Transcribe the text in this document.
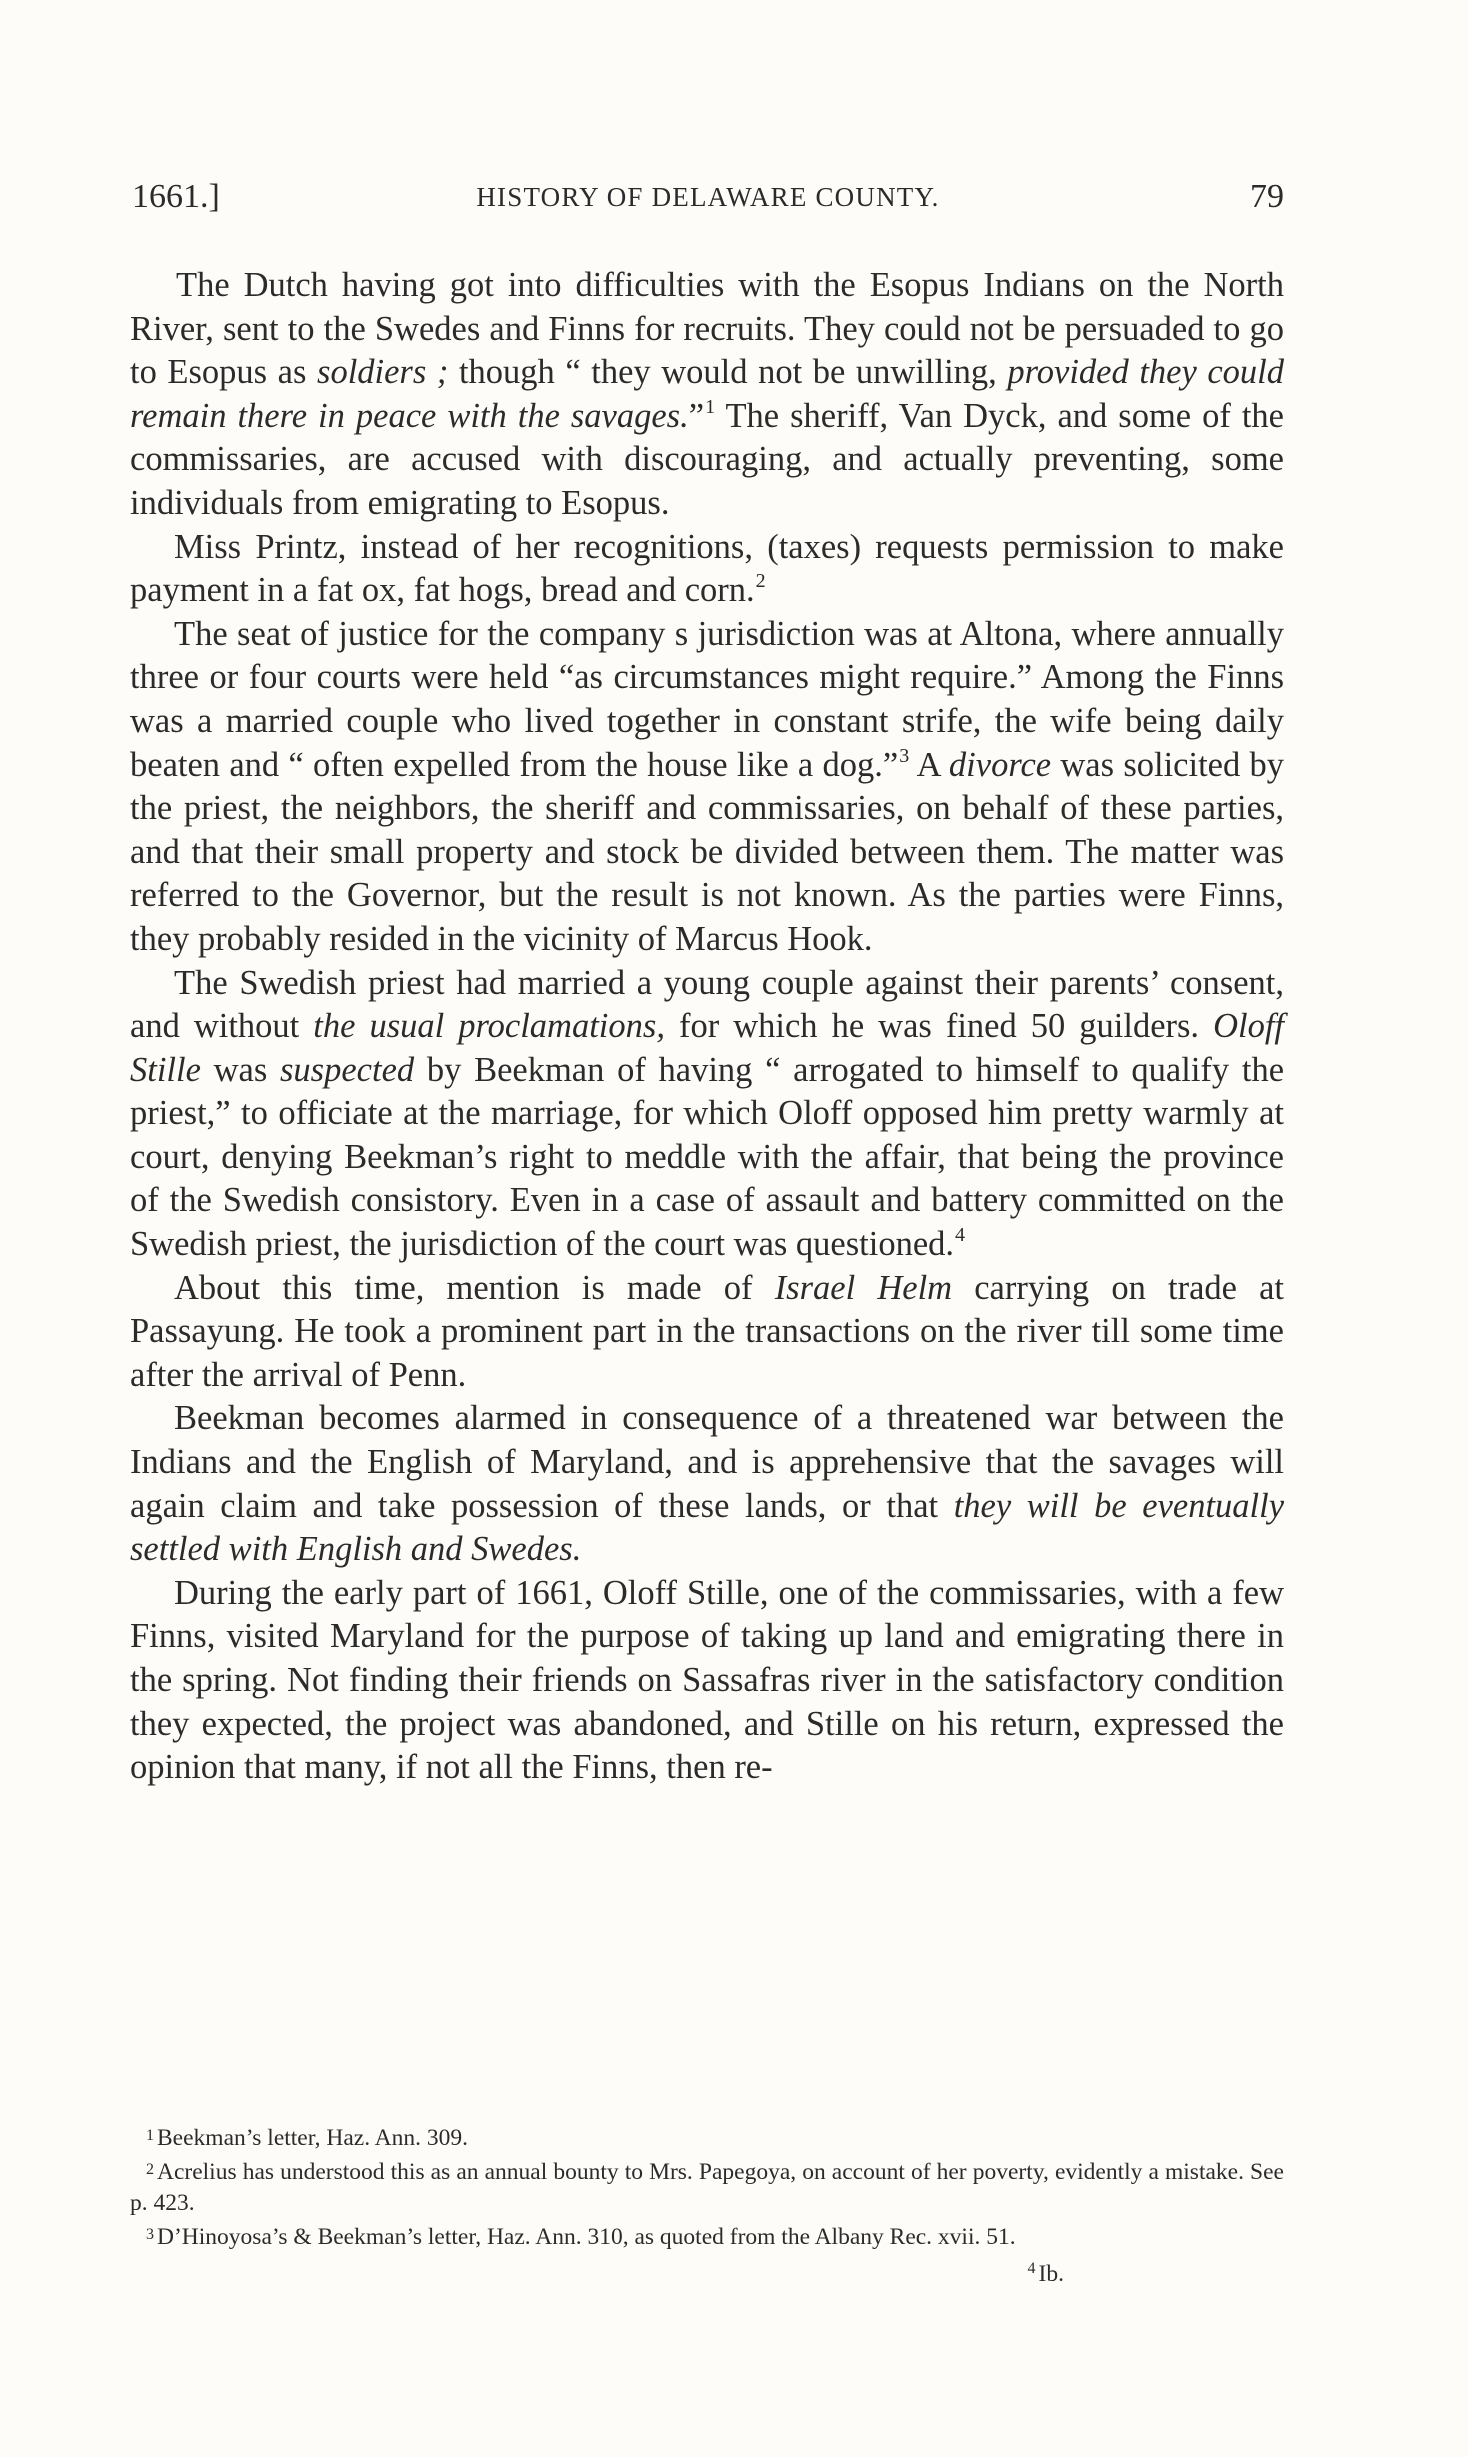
1661.]	HISTORY OF DELAWARE COUNTY.	79

The Dutch having got into difficulties with the Esopus Indians on the North River, sent to the Swedes and Finns for recruits. They could not be persuaded to go to Esopus as soldiers ; though “ they would not be unwilling, provided they could remain there in peace with the savages.”$^1$ The sheriff, Van Dyck, and some of the commissaries, are accused with discouraging, and actually preventing, some individuals from emigrating to Esopus.

Miss Printz, instead of her recognitions, (taxes) requests permission to make payment in a fat ox, fat hogs, bread and corn.$^2$

The seat of justice for the company s jurisdiction was at Altona, where annually three or four courts were held “as circumstances might require.” Among the Finns was a married couple who lived together in constant strife, the wife being daily beaten and “ often expelled from the house like a dog.”$^3$ A divorce was solicited by the priest, the neighbors, the sheriff and commissaries, on behalf of these parties, and that their small property and stock be divided between them. The matter was referred to the Governor, but the result is not known. As the parties were Finns, they probably resided in the vicinity of Marcus Hook.

The Swedish priest had married a young couple against their parents’ consent, and without the usual proclamations, for which he was fined 50 guilders. Oloff Stille was suspected by Beekman of having “ arrogated to himself to qualify the priest,” to officiate at the marriage, for which Oloff opposed him pretty warmly at court, denying Beekman’s right to meddle with the affair, that being the province of the Swedish consistory. Even in a case of assault and battery committed on the Swedish priest, the jurisdiction of the court was questioned.$^4$

About this time, mention is made of Israel Helm carrying on trade at Passayung. He took a prominent part in the transactions on the river till some time after the arrival of Penn.

Beekman becomes alarmed in consequence of a threatened war between the Indians and the English of Maryland, and is apprehensive that the savages will again claim and take possession of these lands, or that they will be eventually settled with English and Swedes.

During the early part of 1661, Oloff Stille, one of the commissaries, with a few Finns, visited Maryland for the purpose of taking up land and emigrating there in the spring. Not finding their friends on Sassafras river in the satisfactory condition they expected, the project was abandoned, and Stille on his return, expressed the opinion that many, if not all the Finns, then re-

$^1$ Beekman’s letter, Haz. Ann. 309.

$^2$ Acrelius has understood this as an annual bounty to Mrs. Papegoya, on account of her poverty, evidently a mistake. See p. 423.

$^3$ D’Hinoyosa’s & Beekman’s letter, Haz. Ann. 310, as quoted from the Albany Rec. xvii. 51.
$^4$ Ib.
